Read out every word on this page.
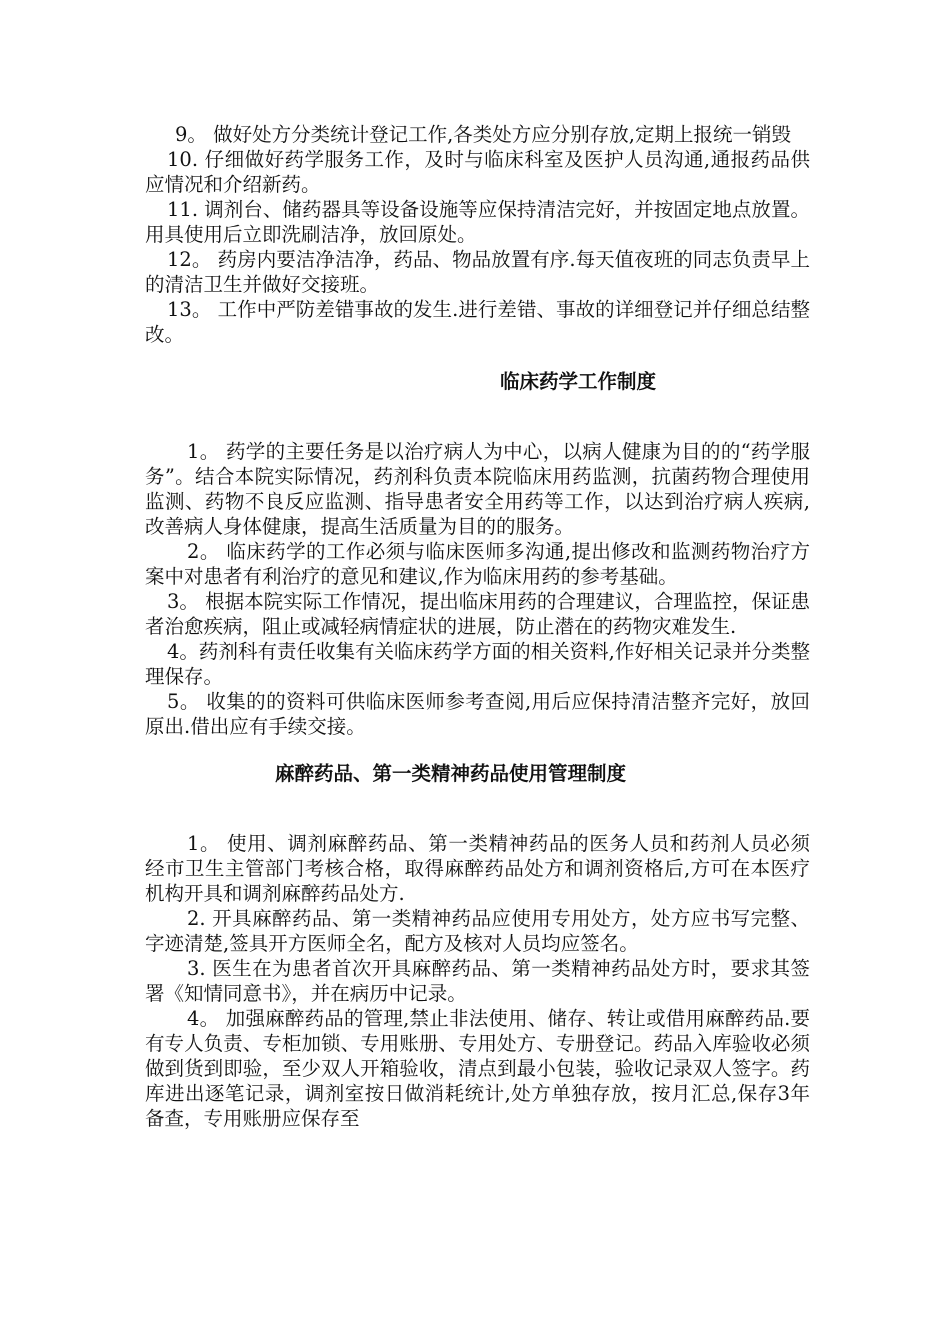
9。 做好处方分类统计登记工作,各类处方应分别存放,定期上报统一销毁

10. 仔细做好药学服务工作，及时与临床科室及医护人员沟通,通报药品供应情况和介绍新药。

11. 调剂台、储药器具等设备设施等应保持清洁完好，并按固定地点放置。用具使用后立即洗刷洁净，放回原处。

12。 药房内要洁净洁净，药品、物品放置有序.每天值夜班的同志负责早上的清洁卫生并做好交接班。

13。 工作中严防差错事故的发生.进行差错、事故的详细登记并仔细总结整改。

临床药学工作制度

1。 药学的主要任务是以治疗病人为中心，以病人健康为目的的“药学服务”。结合本院实际情况，药剂科负责本院临床用药监测，抗菌药物合理使用监测、药物不良反应监测、指导患者安全用药等工作，以达到治疗病人疾病,改善病人身体健康，提高生活质量为目的的服务。

2。 临床药学的工作必须与临床医师多沟通,提出修改和监测药物治疗方案中对患者有利治疗的意见和建议,作为临床用药的参考基础。

3。 根据本院实际工作情况，提出临床用药的合理建议，合理监控，保证患者治愈疾病，阻止或减轻病情症状的进展，防止潜在的药物灾难发生.

4。药剂科有责任收集有关临床药学方面的相关资料,作好相关记录并分类整理保存。

5。 收集的的资料可供临床医师参考查阅,用后应保持清洁整齐完好，放回原出.借出应有手续交接。

麻醉药品、第一类精神药品使用管理制度

1。 使用、调剂麻醉药品、第一类精神药品的医务人员和药剂人员必须经市卫生主管部门考核合格，取得麻醉药品处方和调剂资格后,方可在本医疗机构开具和调剂麻醉药品处方.

2. 开具麻醉药品、第一类精神药品应使用专用处方，处方应书写完整、字迹清楚,签具开方医师全名，配方及核对人员均应签名。

3. 医生在为患者首次开具麻醉药品、第一类精神药品处方时，要求其签署《知情同意书》，并在病历中记录。

4。 加强麻醉药品的管理,禁止非法使用、储存、转让或借用麻醉药品.要有专人负责、专柜加锁、专用账册、专用处方、专册登记。药品入库验收必须做到货到即验，至少双人开箱验收，清点到最小包装，验收记录双人签字。药库进出逐笔记录，调剂室按日做消耗统计,处方单独存放，按月汇总,保存3年备查，专用账册应保存至
